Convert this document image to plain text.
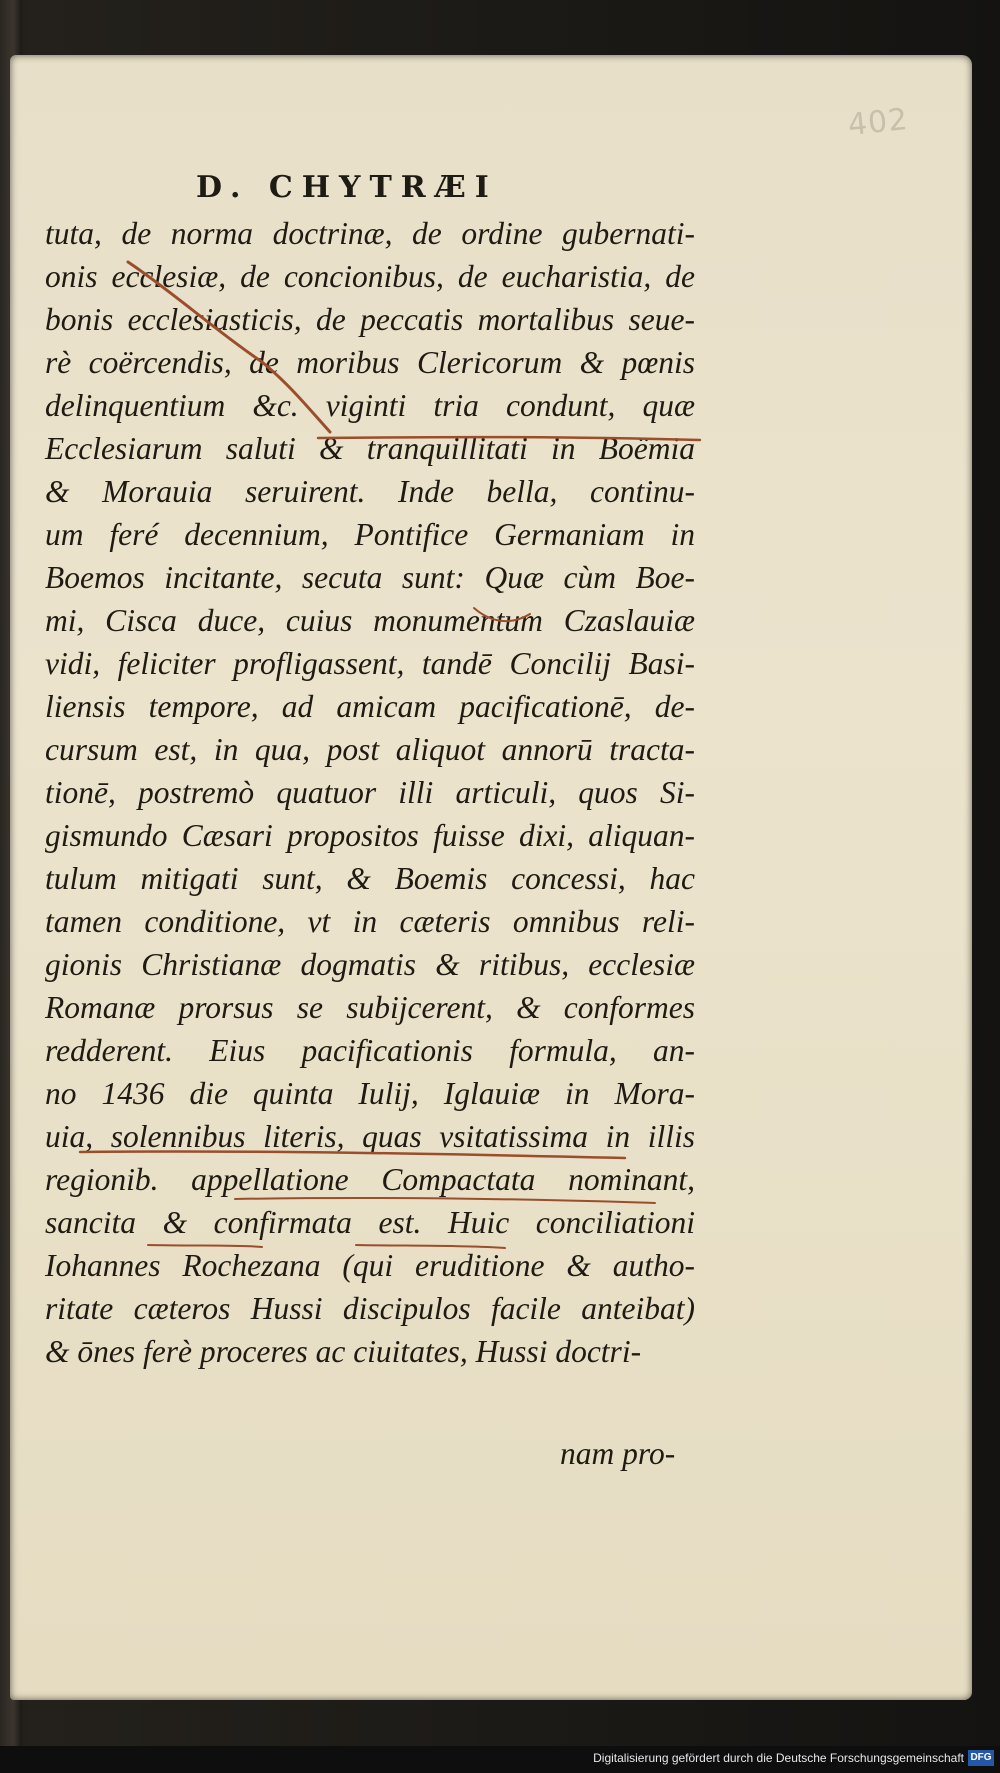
402
D. CHYTRÆI
tuta, de norma doctrinæ, de ordine gubernati-
onis ecclesiæ, de concionibus, de eucharistia, de
bonis ecclesiasticis, de peccatis mortalibus seue-
rè coërcendis, de moribus Clericorum & pœnis
delinquentium &c. viginti tria condunt, quæ
Ecclesiarum saluti & tranquillitati in Boëmia
& Morauia seruirent. Inde bella, continu-
um feré decennium, Pontifice Germaniam in
Boemos incitante, secuta sunt: Quæ cùm Boe-
mi, Cisca duce, cuius monumentum Czaslauiæ
vidi, feliciter profligassent, tandē Concilij Basi-
liensis tempore, ad amicam pacificationē, de-
cursum est, in qua, post aliquot annorū tracta-
tionē, postremò quatuor illi articuli, quos Si-
gismundo Cæsari propositos fuisse dixi, aliquan-
tulum mitigati sunt, & Boemis concessi, hac
tamen conditione, vt in cæteris omnibus reli-
gionis Christianæ dogmatis & ritibus, ecclesiæ
Romanæ prorsus se subijcerent, & conformes
redderent. Eius pacificationis formula, an-
no 1436 die quinta Iulij, Iglauiæ in Mora-
uia, solennibus literis, quas vsitatissima in illis
regionib. appellatione Compactata nominant,
sancita & confirmata est. Huic conciliationi
Iohannes Rochezana (qui eruditione & autho-
ritate cæteros Hussi discipulos facile anteibat)
& ōnes ferè proceres ac ciuitates, Hussi doctri-
nam pro-
Digitalisierung gefördert durch die Deutsche Forschungsgemeinschaft DFG
